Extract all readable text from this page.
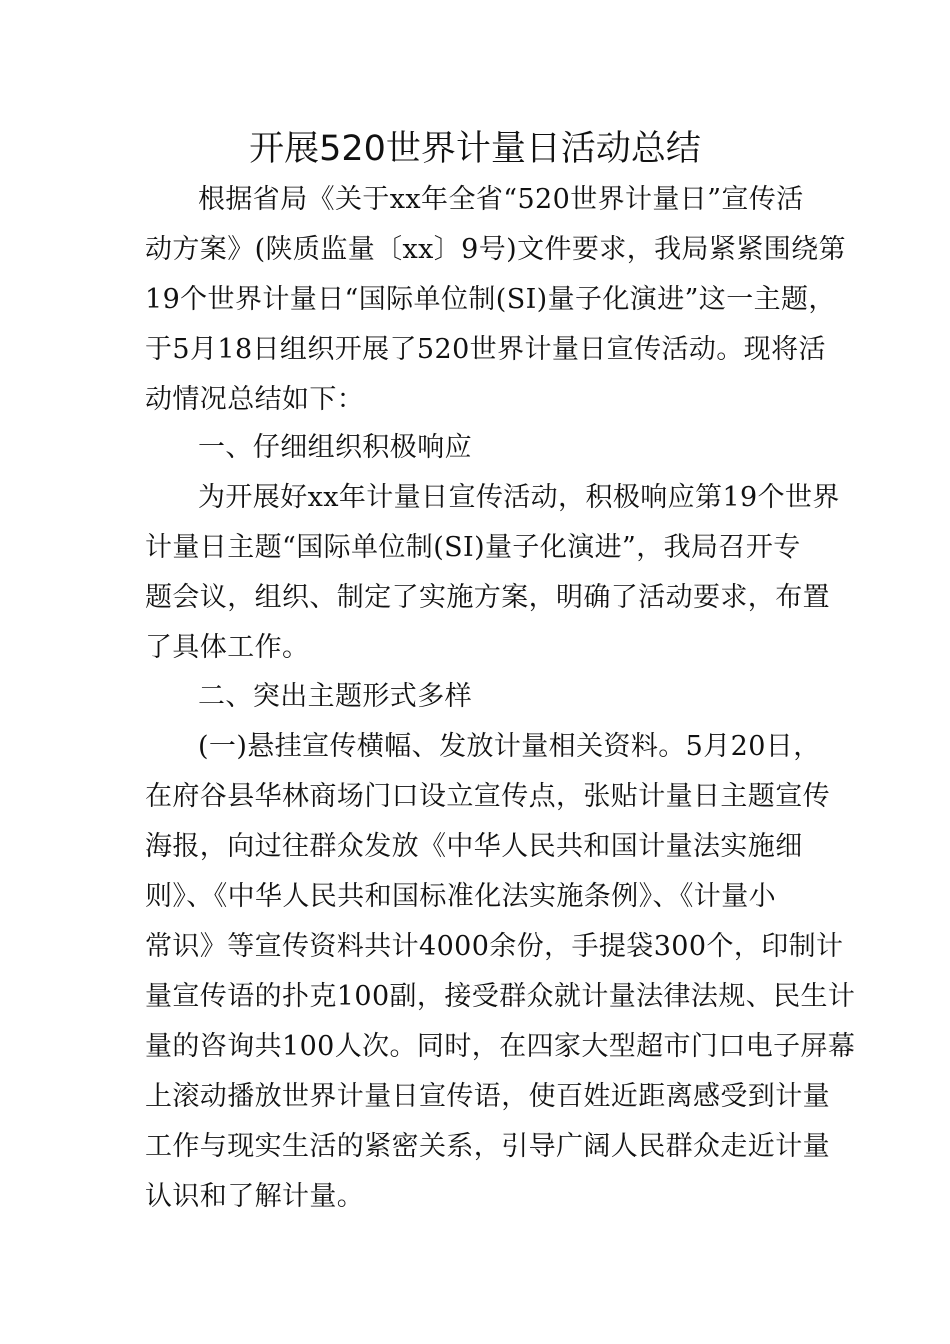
开展520世界计量日活动总结
根据省局《关于xx年全省“520世界计量日”宣传活
动方案》(陕质监量〔xx〕9号)文件要求，我局紧紧围绕第
19个世界计量日“国际单位制(SI)量子化演进”这一主题，
于5月18日组织开展了520世界计量日宣传活动。现将活
动情况总结如下：
一、仔细组织积极响应
为开展好xx年计量日宣传活动，积极响应第19个世界
计量日主题“国际单位制(SI)量子化演进”，我局召开专
题会议，组织、制定了实施方案，明确了活动要求，布置
了具体工作。
二、突出主题形式多样
(一)悬挂宣传横幅、发放计量相关资料。5月20日，
在府谷县华林商场门口设立宣传点，张贴计量日主题宣传
海报，向过往群众发放《中华人民共和国计量法实施细
则》、《中华人民共和国标准化法实施条例》、《计量小
常识》等宣传资料共计4000余份，手提袋300个，印制计
量宣传语的扑克100副，接受群众就计量法律法规、民生计
量的咨询共100人次。同时，在四家大型超市门口电子屏幕
上滚动播放世界计量日宣传语，使百姓近距离感受到计量
工作与现实生活的紧密关系，引导广阔人民群众走近计量
认识和了解计量。
